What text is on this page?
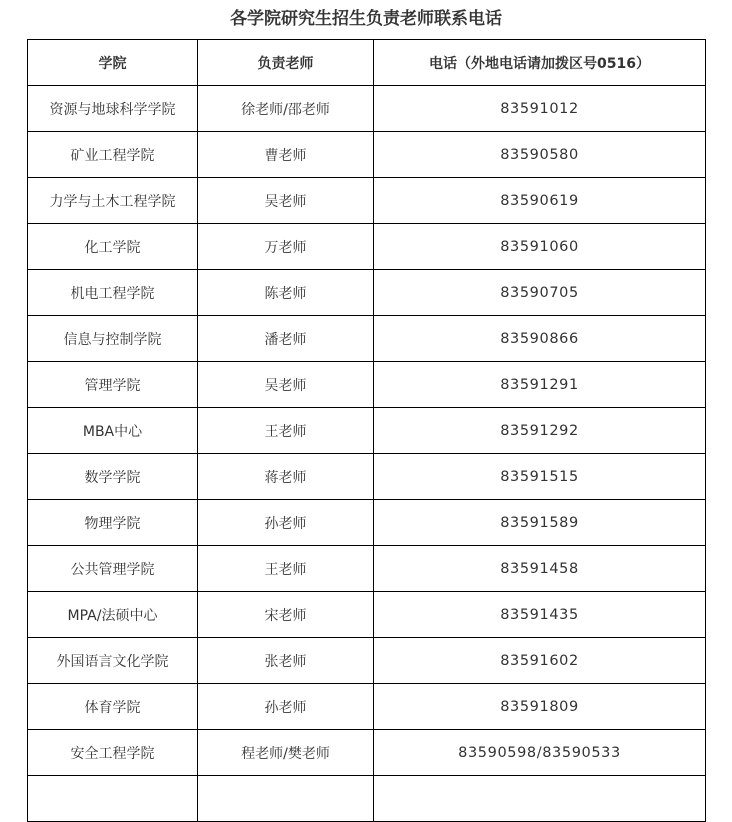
各学院研究生招生负责老师联系电话
学院	负责老师	电话（外地电话请加拨区号0516）
资源与地球科学学院	徐老师/邵老师	83591012
矿业工程学院	曹老师	83590580
力学与土木工程学院	吴老师	83590619
化工学院	万老师	83591060
机电工程学院	陈老师	83590705
信息与控制学院	潘老师	83590866
管理学院	吴老师	83591291
MBA中心	王老师	83591292
数学学院	蒋老师	83591515
物理学院	孙老师	83591589
公共管理学院	王老师	83591458
MPA/法硕中心	宋老师	83591435
外国语言文化学院	张老师	83591602
体育学院	孙老师	83591809
安全工程学院	程老师/樊老师	83590598/83590533
